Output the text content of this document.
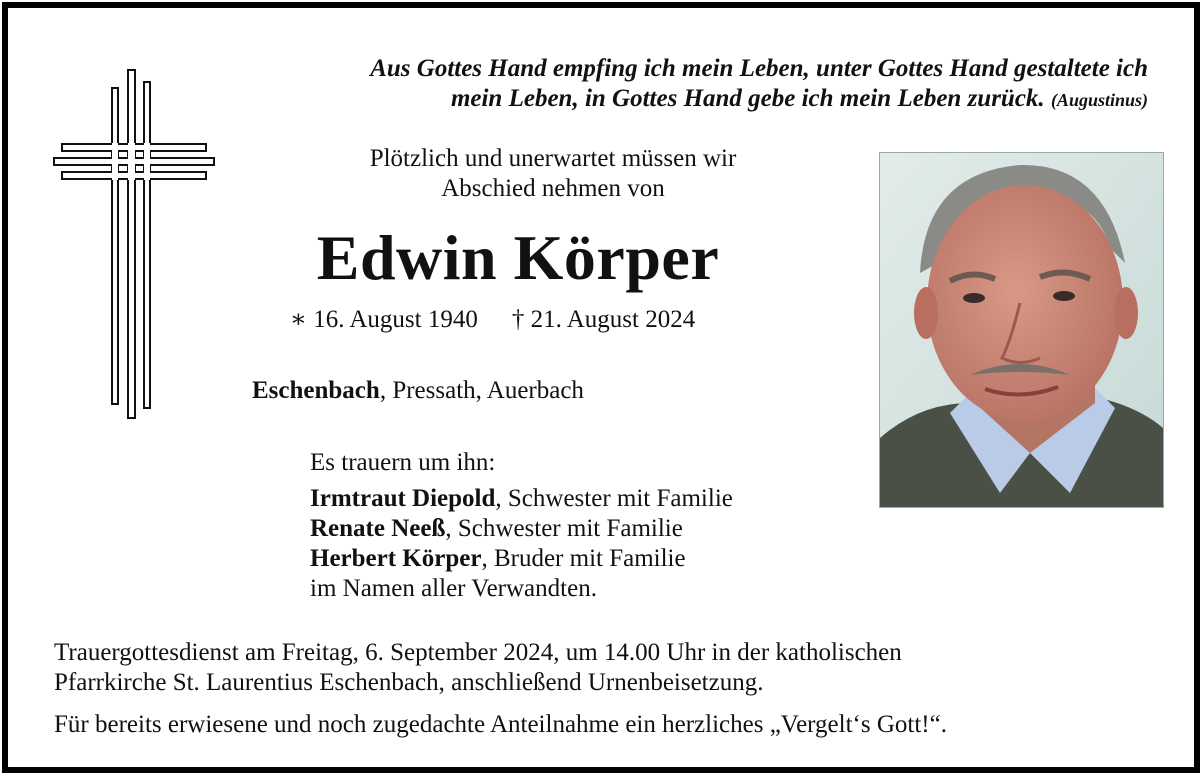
Aus Gottes Hand empfing ich mein Leben, unter Gottes Hand gestaltete ich
mein Leben, in Gottes Hand gebe ich mein Leben zurück. (Augustinus)
Plötzlich und unerwartet müssen wir
Abschied nehmen von
Edwin Körper
∗ 16. August 1940 † 21. August 2024
Eschenbach, Pressath, Auerbach
Es trauern um ihn:
Irmtraut Diepold, Schwester mit Familie
Renate Neeß, Schwester mit Familie
Herbert Körper, Bruder mit Familie
im Namen aller Verwandten.
Trauergottesdienst am Freitag, 6. September 2024, um 14.00 Uhr in der katholischen
Pfarrkirche St. Laurentius Eschenbach, anschließend Urnenbeisetzung.
Für bereits erwiesene und noch zugedachte Anteilnahme ein herzliches „Vergelt‘s Gott!“.
